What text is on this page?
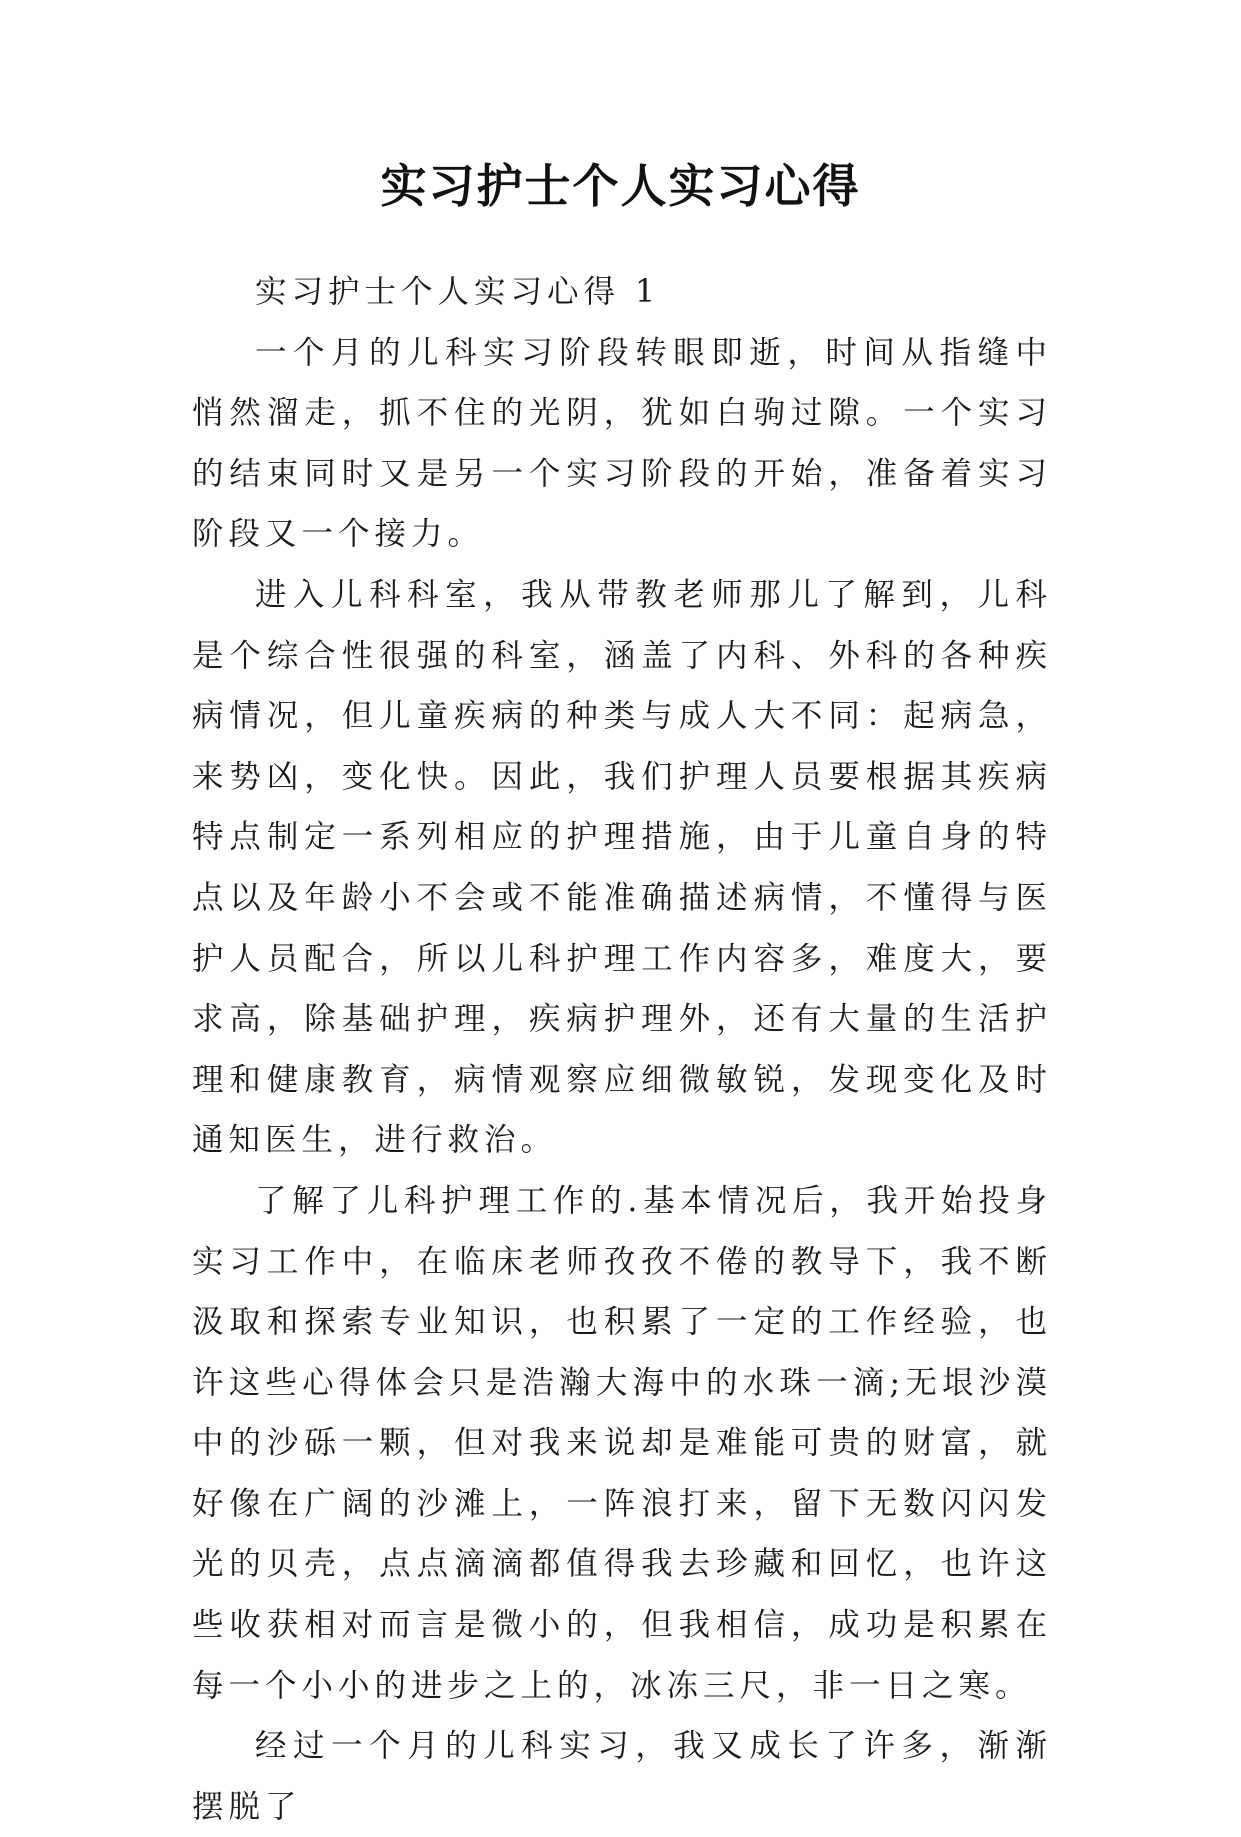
实习护士个人实习心得

实习护士个人实习心得 1

一个月的儿科实习阶段转眼即逝，时间从指缝中悄然溜走，抓不住的光阴，犹如白驹过隙。一个实习的结束同时又是另一个实习阶段的开始，准备着实习阶段又一个接力。

进入儿科科室，我从带教老师那儿了解到，儿科是个综合性很强的科室，涵盖了内科、外科的各种疾病情况，但儿童疾病的种类与成人大不同：起病急，来势凶，变化快。因此，我们护理人员要根据其疾病特点制定一系列相应的护理措施，由于儿童自身的特点以及年龄小不会或不能准确描述病情，不懂得与医护人员配合，所以儿科护理工作内容多，难度大，要求高，除基础护理，疾病护理外，还有大量的生活护理和健康教育，病情观察应细微敏锐，发现变化及时通知医生，进行救治。

了解了儿科护理工作的.基本情况后，我开始投身实习工作中，在临床老师孜孜不倦的教导下，我不断汲取和探索专业知识，也积累了一定的工作经验，也许这些心得体会只是浩瀚大海中的水珠一滴;无垠沙漠中的沙砾一颗，但对我来说却是难能可贵的财富，就好像在广阔的沙滩上，一阵浪打来，留下无数闪闪发光的贝壳，点点滴滴都值得我去珍藏和回忆，也许这些收获相对而言是微小的，但我相信，成功是积累在每一个小小的进步之上的，冰冻三尺，非一日之寒。

经过一个月的儿科实习，我又成长了许多，渐渐摆脱了
